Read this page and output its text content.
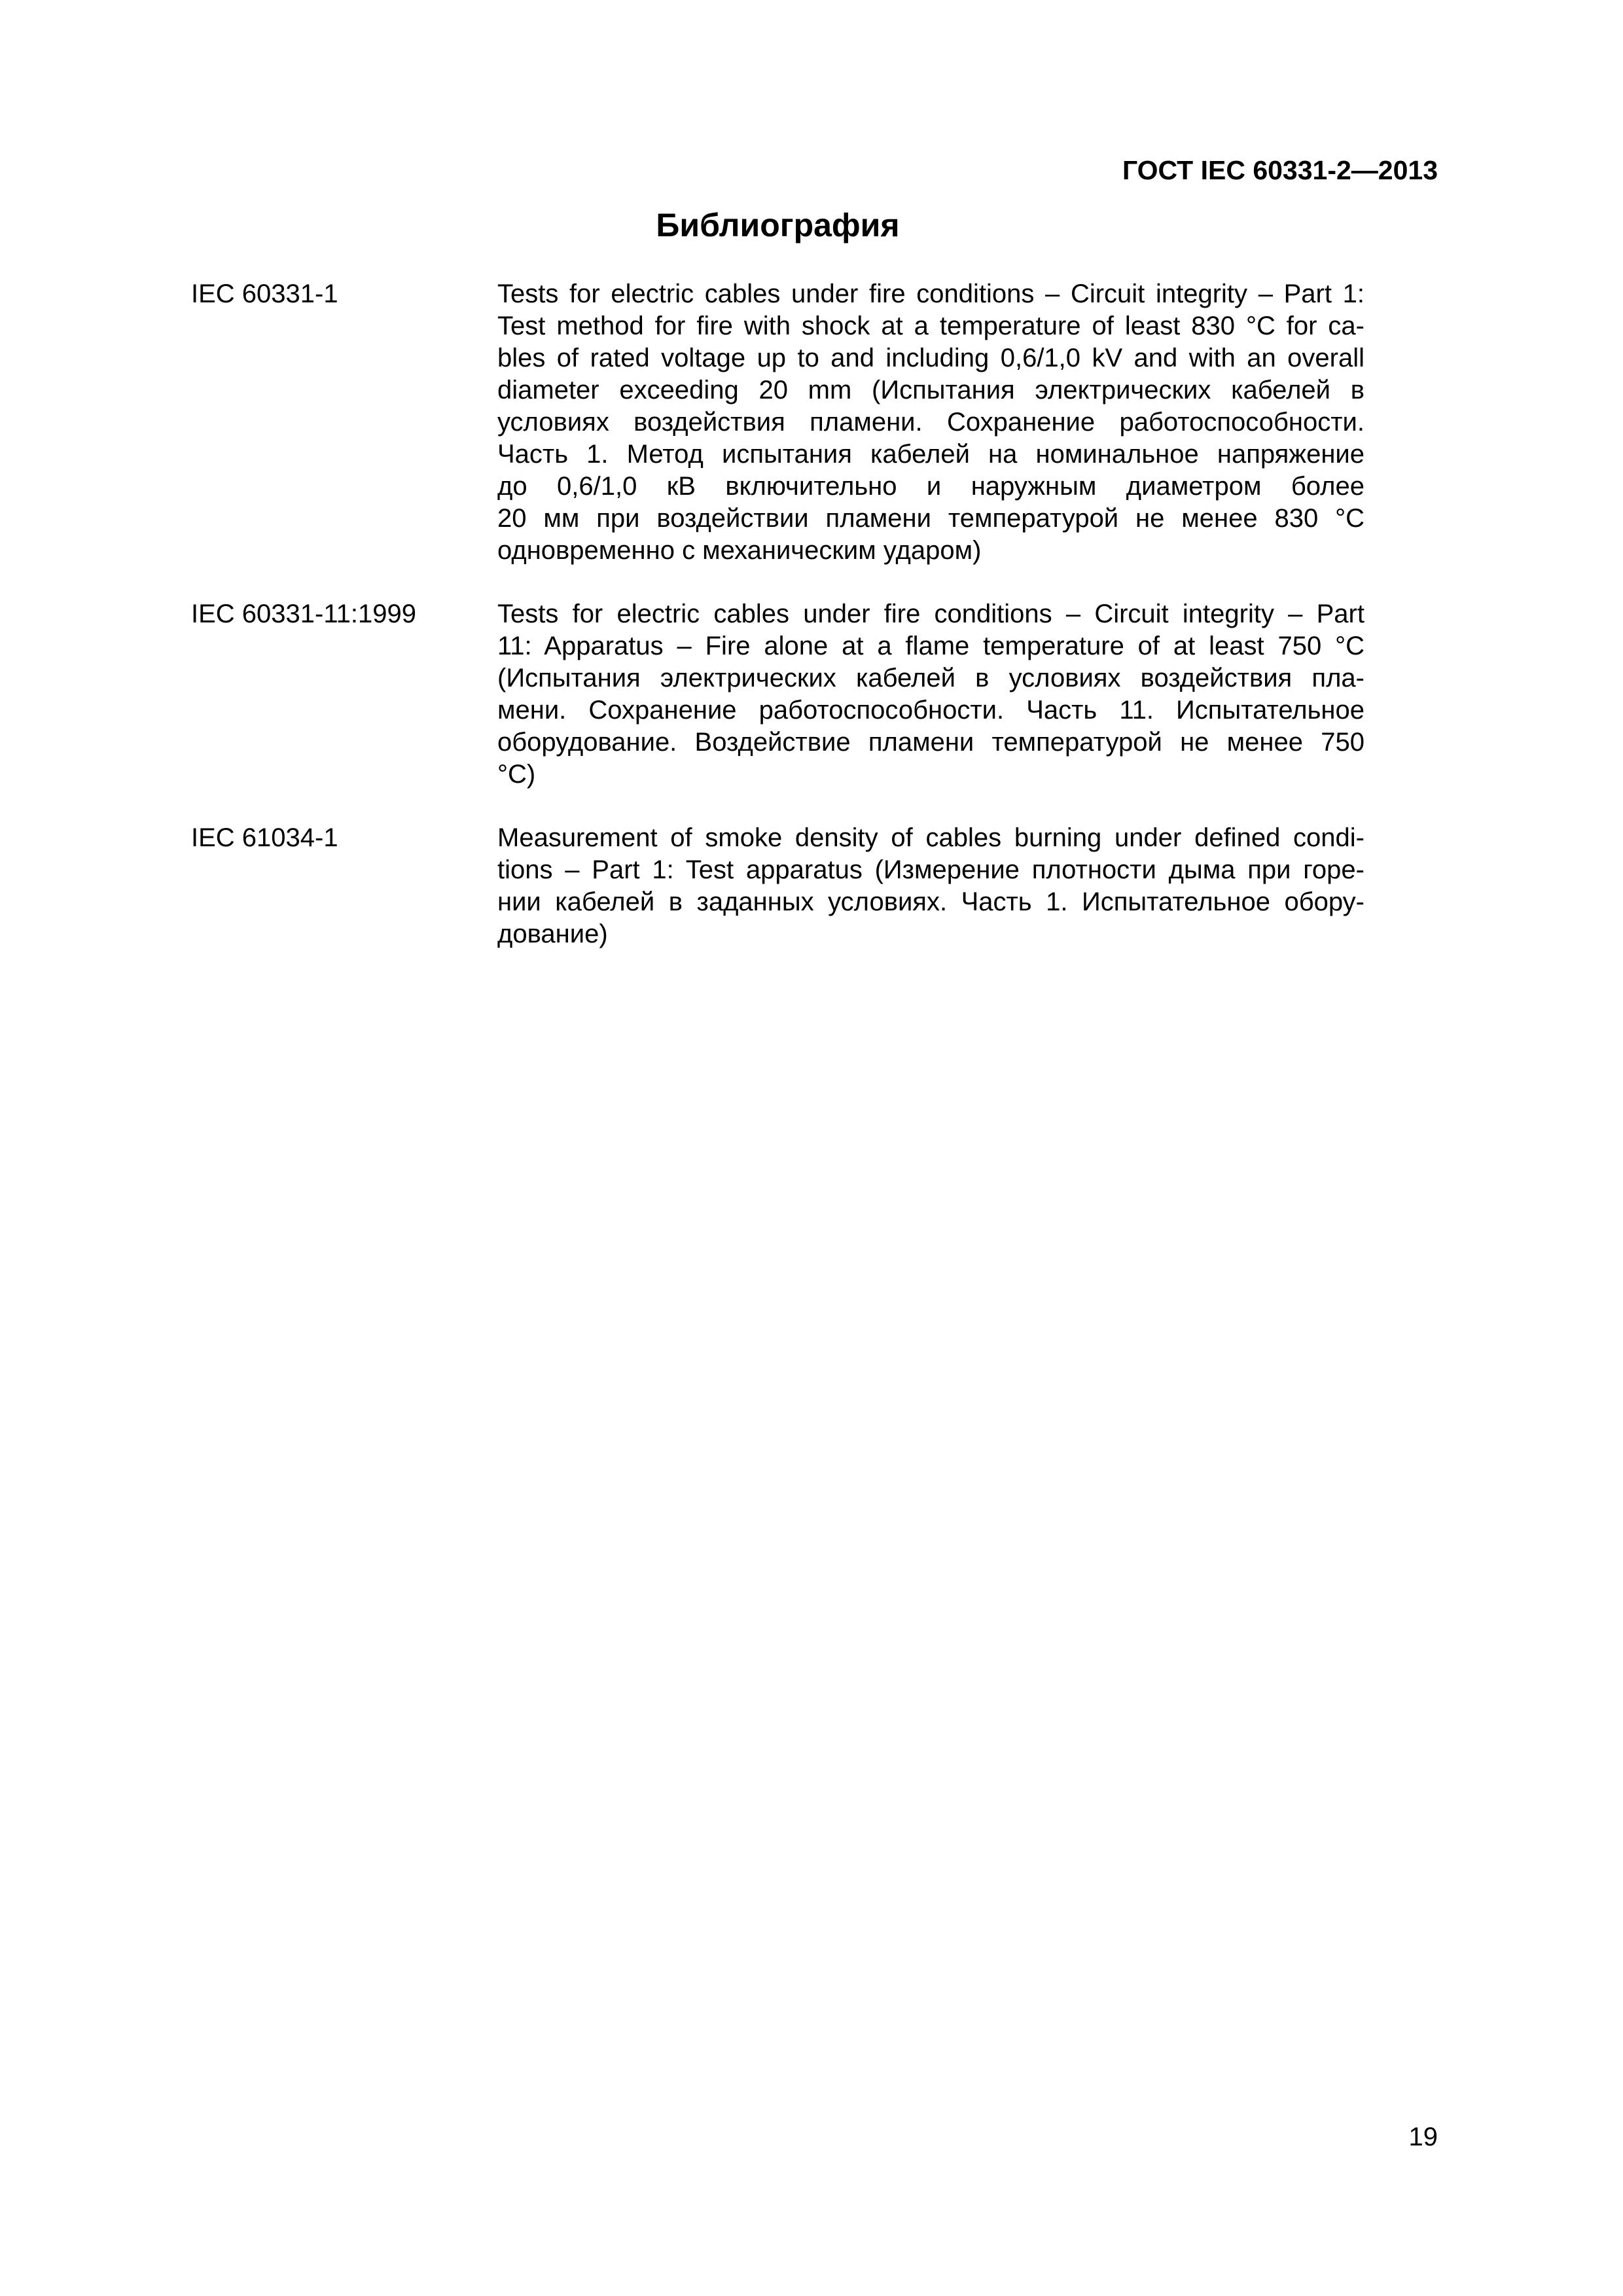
ГОСТ IEC 60331-2—2013
Библиография
IEC 60331-1	Tests for electric cables under fire conditions – Circuit integrity – Part 1:
Test method for fire with shock at a temperature of least 830 °C for ca-
bles of rated voltage up to and including 0,6/1,0 kV and with an overall
diameter exceeding 20 mm (Испытания электрических кабелей в
условиях воздействия пламени. Сохранение работоспособности.
Часть 1. Метод испытания кабелей на номинальное напряжение
до 0,6/1,0 кВ включительно и наружным диаметром более
20 мм при воздействии пламени температурой не менее 830 °С
одновременно с механическим ударом)
IEC 60331-11:1999	Tests for electric cables under fire conditions – Circuit integrity – Part
11: Apparatus – Fire alone at a flame temperature of at least 750 °C
(Испытания электрических кабелей в условиях воздействия пла-
мени. Сохранение работоспособности. Часть 11. Испытательное
оборудование. Воздействие пламени температурой не менее 750
°С)
IEC 61034-1	Measurement of smoke density of cables burning under defined condi-
tions – Part 1: Test apparatus (Измерение плотности дыма при горе-
нии кабелей в заданных условиях. Часть 1. Испытательное обору-
дование)
19
